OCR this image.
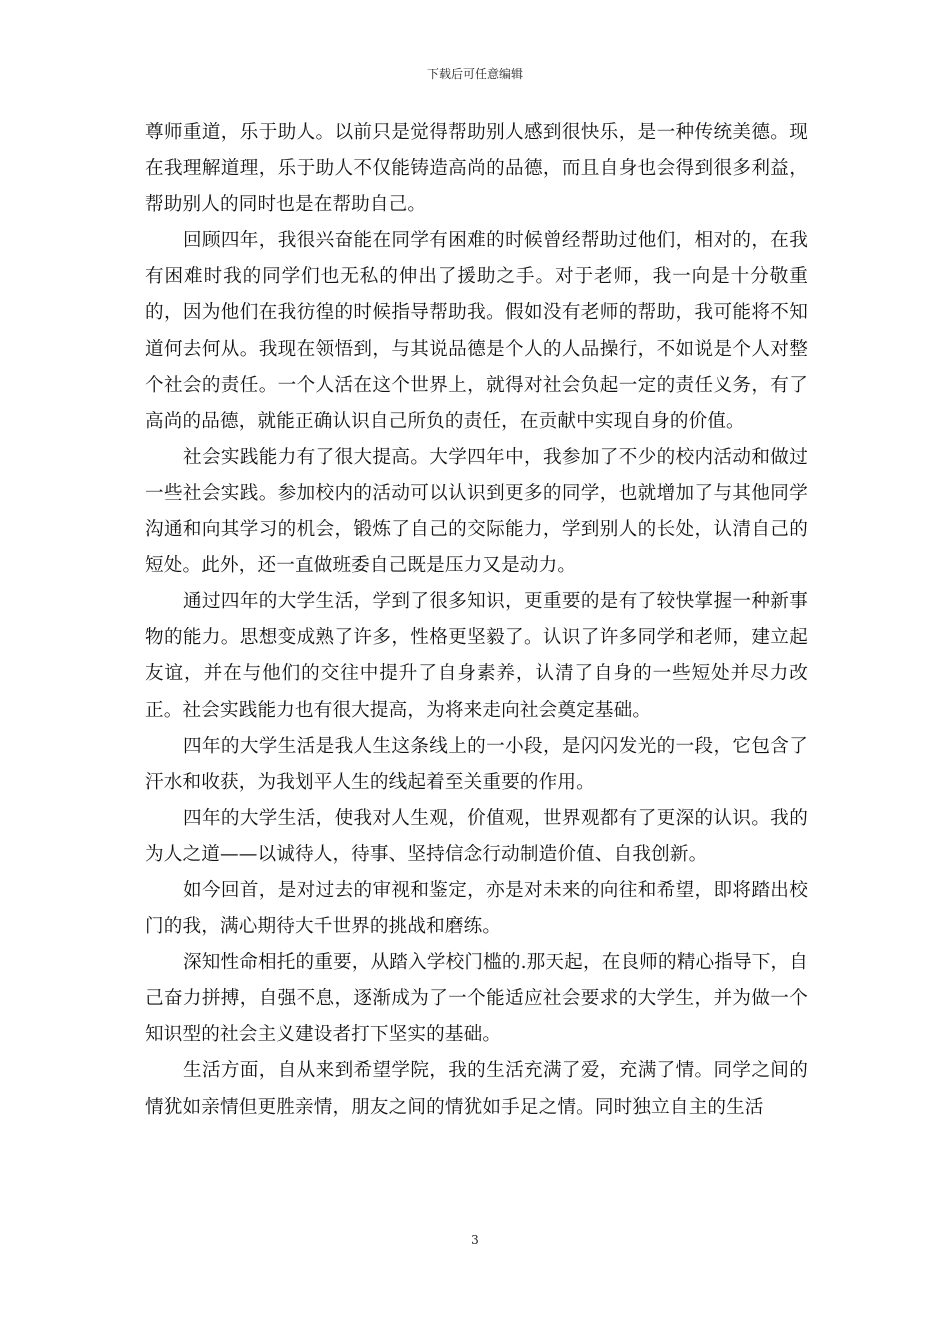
下载后可任意编辑

尊师重道，乐于助人。以前只是觉得帮助别人感到很快乐，是一种传统美德。现在我理解道理，乐于助人不仅能铸造高尚的品德，而且自身也会得到很多利益，帮助别人的同时也是在帮助自己。

回顾四年，我很兴奋能在同学有困难的时候曾经帮助过他们，相对的，在我有困难时我的同学们也无私的伸出了援助之手。对于老师，我一向是十分敬重的，因为他们在我彷徨的时候指导帮助我。假如没有老师的帮助，我可能将不知道何去何从。我现在领悟到，与其说品德是个人的人品操行，不如说是个人对整个社会的责任。一个人活在这个世界上，就得对社会负起一定的责任义务，有了高尚的品德，就能正确认识自己所负的责任，在贡献中实现自身的价值。

社会实践能力有了很大提高。大学四年中，我参加了不少的校内活动和做过一些社会实践。参加校内的活动可以认识到更多的同学，也就增加了与其他同学沟通和向其学习的机会，锻炼了自己的交际能力，学到别人的长处，认清自己的短处。此外，还一直做班委自己既是压力又是动力。

通过四年的大学生活，学到了很多知识，更重要的是有了较快掌握一种新事物的能力。思想变成熟了许多，性格更坚毅了。认识了许多同学和老师，建立起友谊，并在与他们的交往中提升了自身素养，认清了自身的一些短处并尽力改正。社会实践能力也有很大提高，为将来走向社会奠定基础。

四年的大学生活是我人生这条线上的一小段，是闪闪发光的一段，它包含了汗水和收获，为我划平人生的线起着至关重要的作用。

四年的大学生活，使我对人生观，价值观，世界观都有了更深的认识。我的为人之道——以诚待人，待事、坚持信念行动制造价值、自我创新。

如今回首，是对过去的审视和鉴定，亦是对未来的向往和希望，即将踏出校门的我，满心期待大千世界的挑战和磨练。

深知性命相托的重要，从踏入学校门槛的.那天起，在良师的精心指导下，自己奋力拼搏，自强不息，逐渐成为了一个能适应社会要求的大学生，并为做一个知识型的社会主义建设者打下坚实的基础。

生活方面，自从来到希望学院，我的生活充满了爱，充满了情。同学之间的情犹如亲情但更胜亲情，朋友之间的情犹如手足之情。同时独立自主的生活

3
